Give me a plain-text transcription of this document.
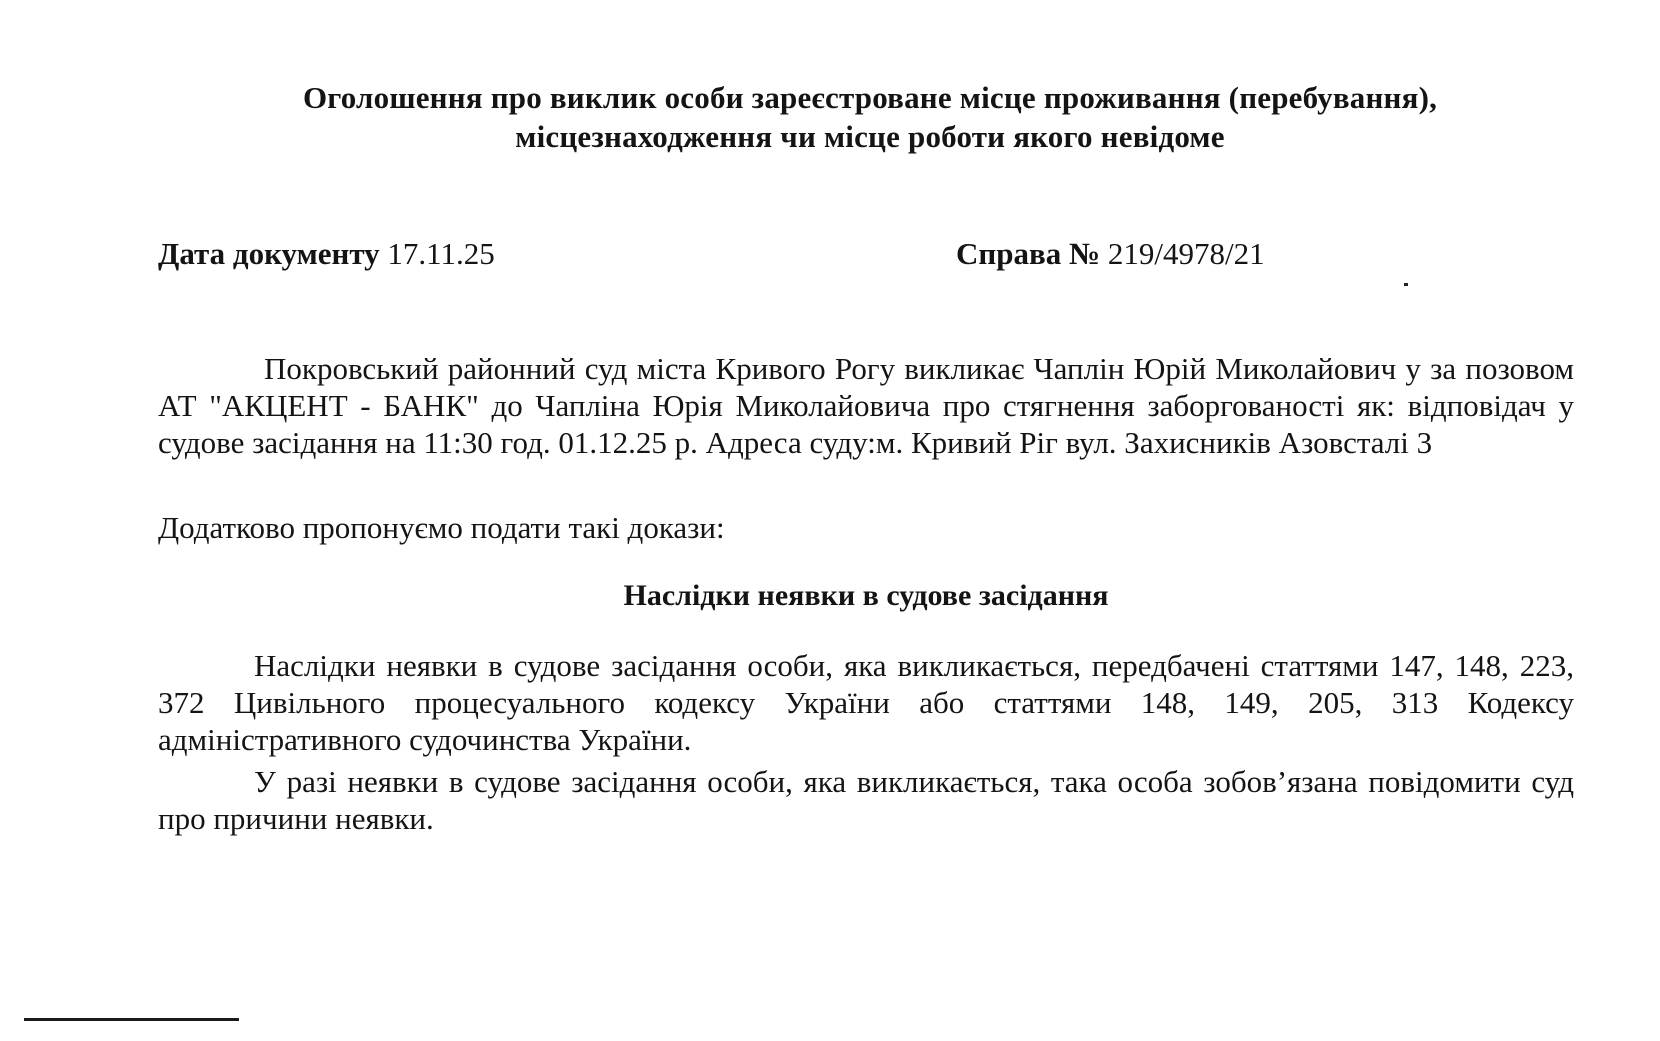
Оголошення про виклик особи зареєстроване місце проживання (перебування),
місцезнаходження чи місце роботи якого невідоме
Дата документу 17.11.25	Справа № 219/4978/21
Покровський районний суд міста Кривого Рогу викликає Чаплін Юрій Миколайович у за позовом АТ "АКЦЕНТ - БАНК" до Чапліна Юрія Миколайовича про стягнення заборгованості як: відповідач у судове засідання на 11:30 год. 01.12.25 р. Адреса суду:м. Кривий Ріг вул. Захисників Азовсталі 3
Додатково пропонуємо подати такі докази:
Наслідки неявки в судове засідання
Наслідки неявки в судове засідання особи, яка викликається, передбачені статтями 147, 148, 223, 372 Цивільного процесуального кодексу України або статтями 148, 149, 205, 313 Кодексу адміністративного судочинства України.
У разі неявки в судове засідання особи, яка викликається, така особа зобов’язана повідомити суд про причини неявки.
